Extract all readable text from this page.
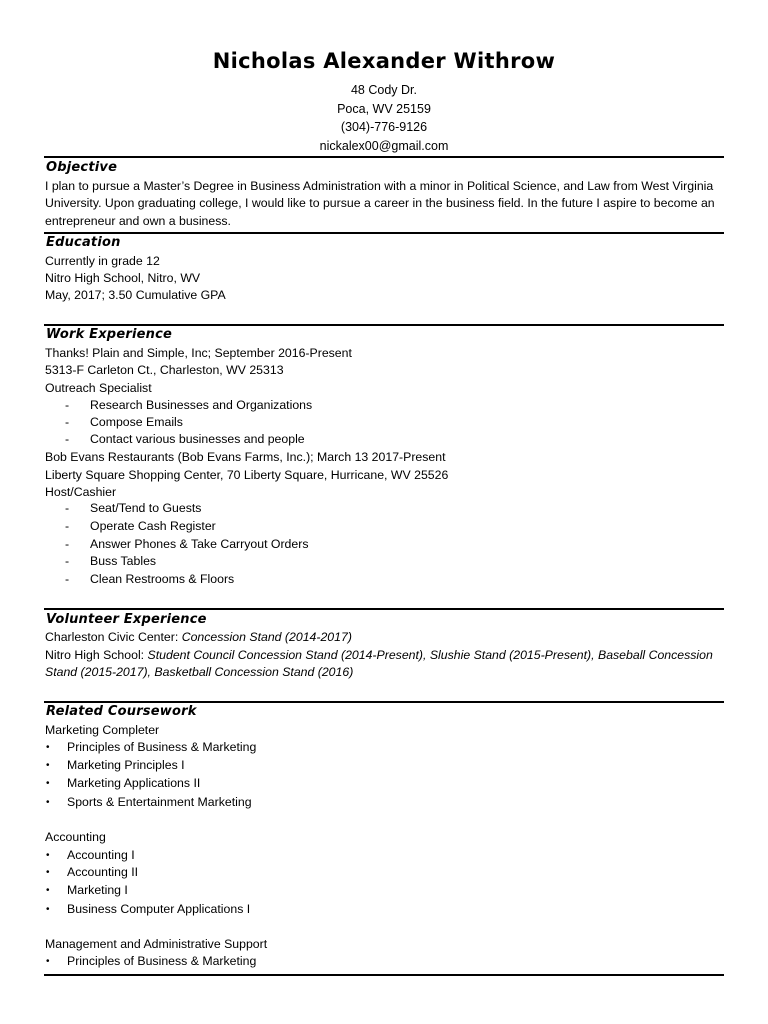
Nicholas Alexander Withrow
48 Cody Dr.
Poca, WV 25159
(304)-776-9126
nickalex00@gmail.com
Objective
I plan to pursue a Master’s Degree in Business Administration with a minor in Political Science, and Law from West Virginia University. Upon graduating college, I would like to pursue a career in the business field. In the future I aspire to become an entrepreneur and own a business.
Education
Currently in grade 12
Nitro High School, Nitro, WV
May, 2017; 3.50 Cumulative GPA
Work Experience
Thanks! Plain and Simple, Inc; September 2016-Present
5313-F Carleton Ct., Charleston, WV 25313
Outreach Specialist
- Research Businesses and Organizations
- Compose Emails
- Contact various businesses and people
Bob Evans Restaurants (Bob Evans Farms, Inc.); March 13 2017-Present
Liberty Square Shopping Center, 70 Liberty Square, Hurricane, WV 25526
Host/Cashier
- Seat/Tend to Guests
- Operate Cash Register
- Answer Phones & Take Carryout Orders
- Buss Tables
- Clean Restrooms & Floors
Volunteer Experience
Charleston Civic Center: Concession Stand (2014-2017)
Nitro High School: Student Council Concession Stand (2014-Present), Slushie Stand (2015-Present), Baseball Concession
Stand (2015-2017), Basketball Concession Stand (2016)
Related Coursework
Marketing Completer
• Principles of Business & Marketing
• Marketing Principles I
• Marketing Applications II
• Sports & Entertainment Marketing
Accounting
• Accounting I
• Accounting II
• Marketing I
• Business Computer Applications I
Management and Administrative Support
• Principles of Business & Marketing
